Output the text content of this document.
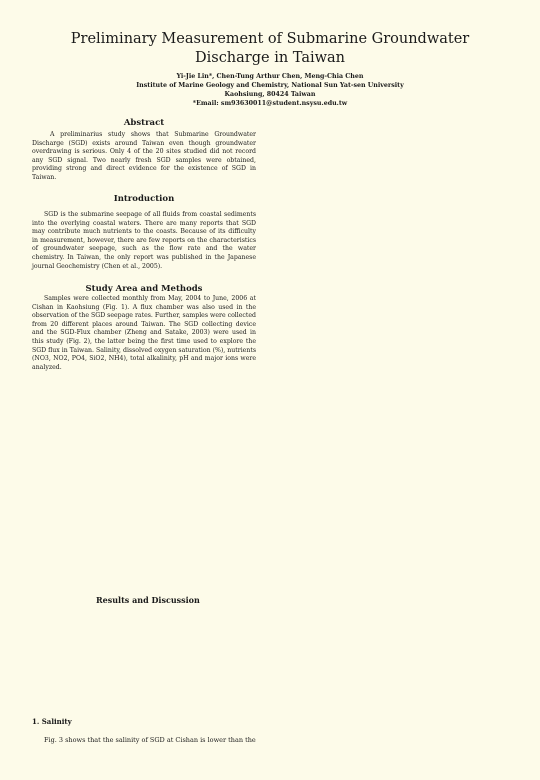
Preliminary Measurement of Submarine Groundwater
Discharge in Taiwan
Yi-Jie Lin*, Chen-Tung Arthur Chen, Meng-Chia Chen
Institute of Marine Geology and Chemistry, National Sun Yat-sen University
Kaohsiung, 80424 Taiwan
*Email: sm93630011@student.nsysu.edu.tw
Abstract

A preliminarius study shows that Submarine Groundwater Discharge (SGD) exists around Taiwan even though groundwater overdrawing is serious. Only 4 of the 20 sites studied did not record any SGD signal. Two nearly fresh SGD samples were obtained, providing strong and direct evidence for the existence of SGD in Taiwan.

Introduction

SGD is the submarine seepage of all fluids from coastal sediments into the overlying coastal waters. There are many reports that SGD may contribute much nutrients to the coasts. Because of its difficulty in measurement, however, there are few reports on the characteristics of groundwater seepage, such as the flow rate and the water chemistry. In Taiwan, the only report was published in the Japanese journal Geochemistry (Chen et al., 2005).

Study Area and Methods

Samples were collected monthly from May, 2004 to June, 2006 at Cishan in Kaohsiung (Fig. 1). A flux chamber was also used in the observation of the SGD seepage rates. Further, samples were collected from 20 different places around Taiwan. The SGD collecting device and the SGD-Flux chamber (Zheng and Satake, 2003) were used in this study (Fig. 2), the latter being the first time used to explore the SGD flux in Taiwan. Salinity, dissolved oxygen saturation (%), nutrients (NO3, NO2, PO4, SiO2, NH4), total alkalinity, pH and major ions were analyzed.

Results and Discussion
1. Salinity
Fig. 3 shows that the salinity of SGD at Cishan is lower than the
